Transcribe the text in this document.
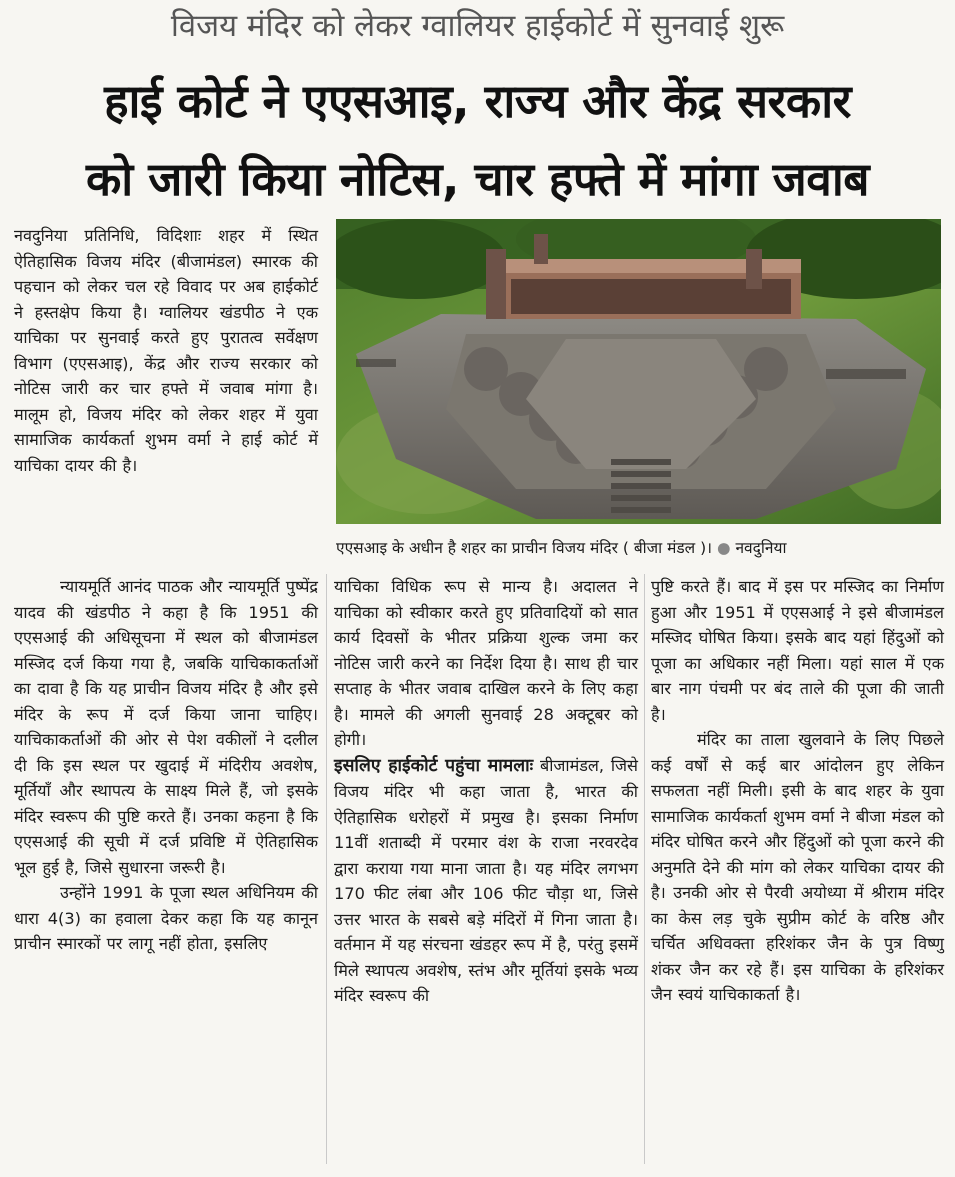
विजय मंदिर को लेकर ग्वालियर हाईकोर्ट में सुनवाई शुरू
हाई कोर्ट ने एएसआइ, राज्य और केंद्र सरकार
को जारी किया नोटिस, चार हफ्ते में मांगा जवाब
नवदुनिया प्रतिनिधि, विदिशाः शहर में स्थित ऐतिहासिक विजय मंदिर (बीजामंडल) स्मारक की पहचान को लेकर चल रहे विवाद पर अब हाईकोर्ट ने हस्तक्षेप किया है। ग्वालियर खंडपीठ ने एक याचिका पर सुनवाई करते हुए पुरातत्व सर्वेक्षण विभाग (एएसआइ), केंद्र और राज्य सरकार को नोटिस जारी कर चार हफ्ते में जवाब मांगा है। मालूम हो, विजय मंदिर को लेकर शहर में युवा सामाजिक कार्यकर्ता शुभम वर्मा ने हाई कोर्ट में याचिका दायर की है।
एएसआइ के अधीन है शहर का प्राचीन विजय मंदिर ( बीजा मंडल )। ● नवदुनिया

न्यायमूर्ति आनंद पाठक और न्यायमूर्ति पुष्पेंद्र यादव की खंडपीठ ने कहा है कि 1951 की एएसआई की अधिसूचना में स्थल को बीजामंडल मस्जिद दर्ज किया गया है, जबकि याचिकाकर्ताओं का दावा है कि यह प्राचीन विजय मंदिर है और इसे मंदिर के रूप में दर्ज किया जाना चाहिए। याचिकाकर्ताओं की ओर से पेश वकीलों ने दलील दी कि इस स्थल पर खुदाई में मंदिरीय अवशेष, मूर्तियाँ और स्थापत्य के साक्ष्य मिले हैं, जो इसके मंदिर स्वरूप की पुष्टि करते हैं। उनका कहना है कि एएसआई की सूची में दर्ज प्रविष्टि में ऐतिहासिक भूल हुई है, जिसे सुधारना जरूरी है।

उन्होंने 1991 के पूजा स्थल अधिनियम की धारा 4(3) का हवाला देकर कहा कि यह कानून प्राचीन स्मारकों पर लागू नहीं होता, इसलिए

याचिका विधिक रूप से मान्य है। अदालत ने याचिका को स्वीकार करते हुए प्रतिवादियों को सात कार्य दिवसों के भीतर प्रक्रिया शुल्क जमा कर नोटिस जारी करने का निर्देश दिया है। साथ ही चार सप्ताह के भीतर जवाब दाखिल करने के लिए कहा है। मामले की अगली सुनवाई 28 अक्टूबर को होगी।

इसलिए हाईकोर्ट पहुंचा मामलाः बीजामंडल, जिसे विजय मंदिर भी कहा जाता है, भारत की ऐतिहासिक धरोहरों में प्रमुख है। इसका निर्माण 11वीं शताब्दी में परमार वंश के राजा नरवरदेव द्वारा कराया गया माना जाता है। यह मंदिर लगभग 170 फीट लंबा और 106 फीट चौड़ा था, जिसे उत्तर भारत के सबसे बड़े मंदिरों में गिना जाता है। वर्तमान में यह संरचना खंडहर रूप में है, परंतु इसमें मिले स्थापत्य अवशेष, स्तंभ और मूर्तियां इसके भव्य मंदिर स्वरूप की

पुष्टि करते हैं। बाद में इस पर मस्जिद का निर्माण हुआ और 1951 में एएसआई ने इसे बीजामंडल मस्जिद घोषित किया। इसके बाद यहां हिंदुओं को पूजा का अधिकार नहीं मिला। यहां साल में एक बार नाग पंचमी पर बंद ताले की पूजा की जाती है।

मंदिर का ताला खुलवाने के लिए पिछले कई वर्षों से कई बार आंदोलन हुए लेकिन सफलता नहीं मिली। इसी के बाद शहर के युवा सामाजिक कार्यकर्ता शुभम वर्मा ने बीजा मंडल को मंदिर घोषित करने और हिंदुओं को पूजा करने की अनुमति देने की मांग को लेकर याचिका दायर की है। उनकी ओर से पैरवी अयोध्या में श्रीराम मंदिर का केस लड़ चुके सुप्रीम कोर्ट के वरिष्ठ और चर्चित अधिवक्ता हरिशंकर जैन के पुत्र विष्णु शंकर जैन कर रहे हैं। इस याचिका के हरिशंकर जैन स्वयं याचिकाकर्ता है।
